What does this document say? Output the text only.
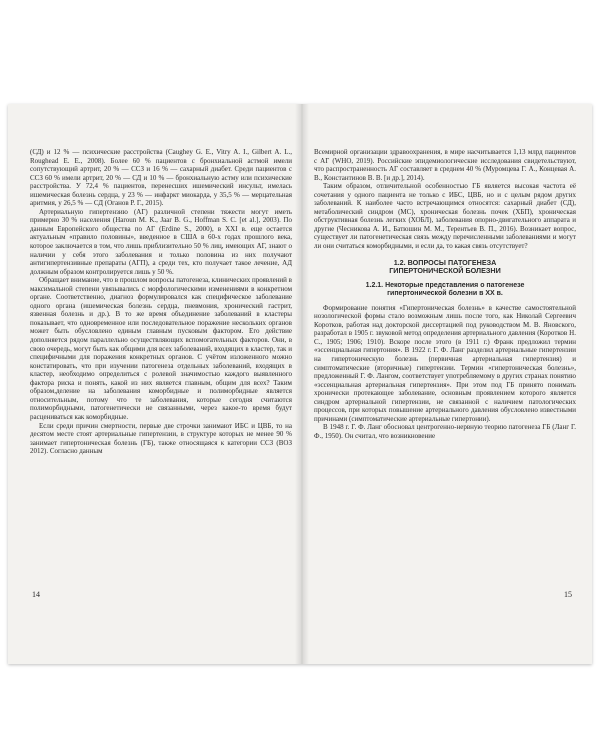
(СД) и 12 % — психические расстройства (Caughey G. E., Vitry A. I., Gilbert A. L., Roughead E. E., 2008). Более 60 % пациентов с бронхиальной астмой имели сопутствующий артрит, 20 % — ССЗ и 16 % — сахарный диабет. Среди пациентов с ССЗ 60 % имели артрит, 20 % — СД и 10 % — бронхиальную астму или психические расстройства. У 72,4 % пациентов, перенесших ишемический инсульт, имелась ишемическая болезнь сердца, у 23 % — инфаркт миокарда, у 35,5 % — мерцательная аритмия, у 26,5 % — СД (Оганов Р. Г., 2015).

Артериальную гипертензию (АГ) различной степени тяжести могут иметь примерно 30 % населения (Haroun M. K., Jaar B. G., Hoffman S. C. [et al.], 2003). По данным Европейского общества по АГ (Erdine S., 2000), в XXI в. еще остается актуальным «правило половины», введенное в США в 60-х годах прошлого века, которое заключается в том, что лишь приблизительно 50 % лиц, имеющих АГ, знают о наличии у себя этого заболевания и только половина из них получают антигипертензивные препараты (АГП), а среди тех, кто получает такое лечение, АД должным образом контролируется лишь у 50 %.

Обращает внимание, что в прошлом вопросы патогенеза, клинических проявлений в максимальной степени увязывались с морфологическими изменениями в конкретном органе. Соответственно, диагноз формулировался как специфическое заболевание одного органа (ишемическая болезнь сердца, пневмония, хронический гастрит, язвенная болезнь и др.). В то же время объединение заболеваний в кластеры показывает, что одновременное или последовательное поражение нескольких органов может быть обусловлено единым главным пусковым фактором. Его действие дополняется рядом параллельно осуществляющих вспомогательных факторов. Они, в свою очередь, могут быть как общими для всех заболеваний, входящих в кластер, так и специфичными для поражения конкретных органов. С учётом изложенного можно констатировать, что при изучении патогенеза отдельных заболеваний, входящих в кластер, необходимо определиться с ролевой значимостью каждого выявленного фактора риска и понять, какой из них является главным, общим для всех? Таким образом,деление на заболевания коморбидные и полиморбидные является относительным, потому что те заболевания, которые сегодня считаются полиморбидными, патогенетически не связанными, через какое-то время будут расцениваться как коморбидные.

Если среди причин смертности, первые две строчки занимают ИБС и ЦВБ, то на десятом месте стоят артериальные гипертензии, в структуре которых не менее 90 % занимает гипертоническая болезнь (ГБ), также относящаяся к категории ССЗ (ВОЗ 2012). Согласно данным

Всемирной организации здравоохранения, в мире насчитывается 1,13 млрд пациентов с АГ (WHO, 2019). Российские эпидемиологические исследования свидетельствуют, что распространенность АГ составляет в среднем 40 % (Муромцева Г. А., Концевая А. В., Константинов В. В. [и др.], 2014).

Таким образом, отличительной особенностью ГБ является высокая частота её сочетания у одного пациента не только с ИБС, ЦВБ, но и с целым рядом других заболеваний. К наиболее часто встречающимся относятся: сахарный диабет (СД), метаболический синдром (МС), хроническая болезнь почек (ХБП), хроническая обструктивная болезнь легких (ХОБЛ), заболевания опорно-двигательного аппарата и другие (Чесникова А. И., Батюшин М. М., Терентьев В. П., 2016). Возникает вопрос, существует ли патогенетическая связь между перечисленными заболеваниями и могут ли они считаться коморбидными, и если да, то какая связь отсутствует?

1.2. ВОПРОСЫ ПАТОГЕНЕЗА
ГИПЕРТОНИЧЕСКОЙ БОЛЕЗНИ
1.2.1. Некоторые представления о патогенезе
гипертонической болезни в XX в.

Формирование понятия «Гипертоническая болезнь» в качестве самостоятельной нозологической формы стало возможным лишь после того, как Николай Сергеевич Коротков, работая над докторской диссертацией под руководством М. В. Яновского, разработал в 1905 г. звуковой метод определения артериального давления (Коротков Н. С., 1905; 1906; 1910). Вскоре после этого (в 1911 г.) Франк предложил термин «эссенциальная гипертония». В 1922 г. Г. Ф. Ланг разделил артериальные гипертензии на гипертоническую болезнь (первичная артериальная гипертензия) и симптоматические (вторичные) гипертензии. Термин «гипертоническая болезнь», предложенный Г. Ф. Лангом, соответствует употребляемому в других странах понятию «эссенциальная артериальная гипертензия». При этом под ГБ принято понимать хронически протекающее заболевание, основным проявлением которого является синдром артериальной гипертензии, не связанной с наличием патологических процессов, при которых повышение артериального давления обусловлено известными причинами (симптоматические артериальные гипертонии).

В 1948 г. Г. Ф. Ланг обосновал центрогенно-нервную теорию патогенеза ГБ (Ланг Г. Ф., 1950). Он считал, что возникновение

14	15
